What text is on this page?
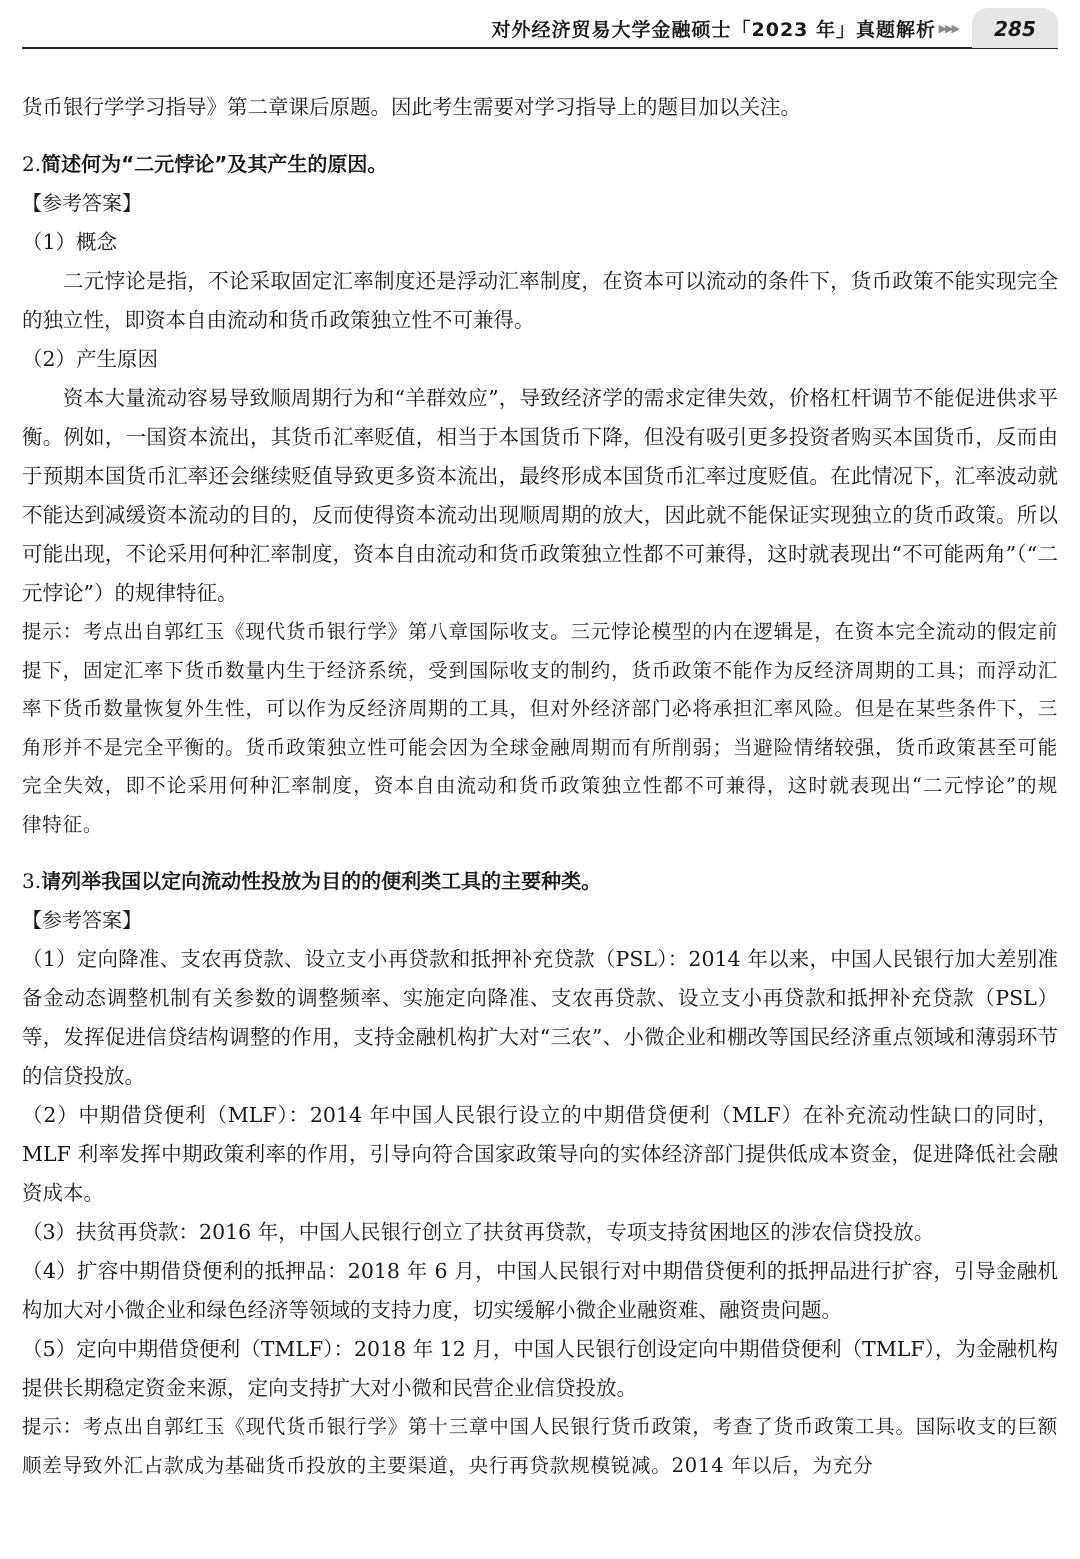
对外经济贸易大学金融硕士「2023 年」真题解析 ▶▶▶	285

货币银行学学习指导》第二章课后原题。因此考生需要对学习指导上的题目加以关注。

2.简述何为“二元悖论”及其产生的原因。

【参考答案】

（1）概念

二元悖论是指，不论采取固定汇率制度还是浮动汇率制度，在资本可以流动的条件下，货币政策不能实现完全的独立性，即资本自由流动和货币政策独立性不可兼得。

（2）产生原因

资本大量流动容易导致顺周期行为和“羊群效应”，导致经济学的需求定律失效，价格杠杆调节不能促进供求平衡。例如，一国资本流出，其货币汇率贬值，相当于本国货币下降，但没有吸引更多投资者购买本国货币，反而由于预期本国货币汇率还会继续贬值导致更多资本流出，最终形成本国货币汇率过度贬值。在此情况下，汇率波动就不能达到减缓资本流动的目的，反而使得资本流动出现顺周期的放大，因此就不能保证实现独立的货币政策。所以可能出现，不论采用何种汇率制度，资本自由流动和货币政策独立性都不可兼得，这时就表现出“不可能两角”（“二元悖论”）的规律特征。

提示：考点出自郭红玉《现代货币银行学》第八章国际收支。三元悖论模型的内在逻辑是，在资本完全流动的假定前提下，固定汇率下货币数量内生于经济系统，受到国际收支的制约，货币政策不能作为反经济周期的工具；而浮动汇率下货币数量恢复外生性，可以作为反经济周期的工具，但对外经济部门必将承担汇率风险。但是在某些条件下，三角形并不是完全平衡的。货币政策独立性可能会因为全球金融周期而有所削弱；当避险情绪较强，货币政策甚至可能完全失效，即不论采用何种汇率制度，资本自由流动和货币政策独立性都不可兼得，这时就表现出“二元悖论”的规律特征。

3.请列举我国以定向流动性投放为目的的便利类工具的主要种类。

【参考答案】

（1）定向降准、支农再贷款、设立支小再贷款和抵押补充贷款（PSL）：2014 年以来，中国人民银行加大差别准备金动态调整机制有关参数的调整频率、实施定向降准、支农再贷款、设立支小再贷款和抵押补充贷款（PSL）等，发挥促进信贷结构调整的作用，支持金融机构扩大对“三农”、小微企业和棚改等国民经济重点领域和薄弱环节的信贷投放。

（2）中期借贷便利（MLF）：2014 年中国人民银行设立的中期借贷便利（MLF）在补充流动性缺口的同时，MLF 利率发挥中期政策利率的作用，引导向符合国家政策导向的实体经济部门提供低成本资金，促进降低社会融资成本。

（3）扶贫再贷款：2016 年，中国人民银行创立了扶贫再贷款，专项支持贫困地区的涉农信贷投放。

（4）扩容中期借贷便利的抵押品：2018 年 6 月，中国人民银行对中期借贷便利的抵押品进行扩容，引导金融机构加大对小微企业和绿色经济等领域的支持力度，切实缓解小微企业融资难、融资贵问题。

（5）定向中期借贷便利（TMLF）：2018 年 12 月，中国人民银行创设定向中期借贷便利（TMLF），为金融机构提供长期稳定资金来源，定向支持扩大对小微和民营企业信贷投放。

提示：考点出自郭红玉《现代货币银行学》第十三章中国人民银行货币政策，考查了货币政策工具。国际收支的巨额顺差导致外汇占款成为基础货币投放的主要渠道，央行再贷款规模锐减。2014 年以后，为充分
